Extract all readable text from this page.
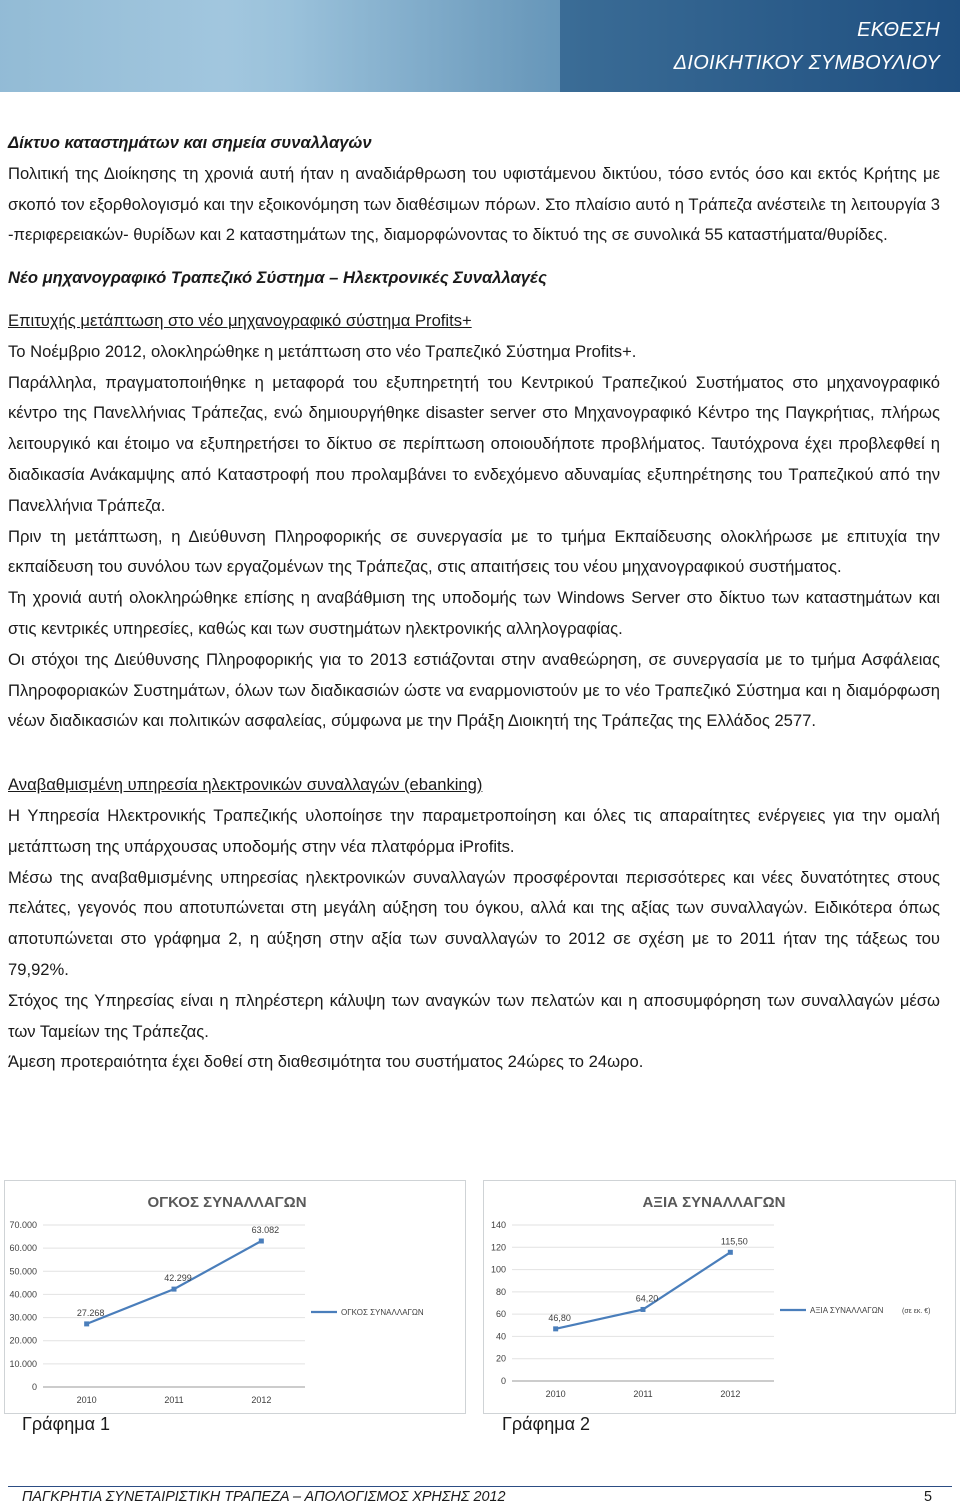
ΕΚΘΕΣΗ
ΔΙΟΙΚΗΤΙΚΟΥ ΣΥΜΒΟΥΛΙΟΥ

Δίκτυο καταστημάτων και σημεία συναλλαγών

Πολιτική της Διοίκησης τη χρονιά αυτή ήταν η αναδιάρθρωση του υφιστάμενου δικτύου, τόσο εντός όσο και εκτός Κρήτης με σκοπό τον εξορθολογισμό και την εξοικονόμηση των διαθέσιμων πόρων. Στο πλαίσιο αυτό η Τράπεζα ανέστειλε τη λειτουργία 3 -περιφερειακών- θυρίδων και 2 καταστημάτων της, διαμορφώνοντας το δίκτυό της σε συνολικά 55 καταστήματα/θυρίδες.

Νέο μηχανογραφικό Τραπεζικό Σύστημα – Ηλεκτρονικές Συναλλαγές

Επιτυχής μετάπτωση στο νέο μηχανογραφικό σύστημα Profits+

Το Νοέμβριο 2012, ολοκληρώθηκε η μετάπτωση στο νέο Τραπεζικό Σύστημα Profits+.

Παράλληλα, πραγματοποιήθηκε η μεταφορά του εξυπηρετητή του Κεντρικού Τραπεζικού Συστήματος στο μηχανογραφικό κέντρο της Πανελλήνιας Τράπεζας, ενώ δημιουργήθηκε disaster server στο Μηχανογραφικό Κέντρο της Παγκρήτιας, πλήρως λειτουργικό και έτοιμο να εξυπηρετήσει το δίκτυο σε περίπτωση οποιουδήποτε προβλήματος. Ταυτόχρονα έχει προβλεφθεί η διαδικασία Ανάκαμψης από Καταστροφή που προλαμβάνει το ενδεχόμενο αδυναμίας εξυπηρέτησης του Τραπεζικού από την Πανελλήνια Τράπεζα.

Πριν τη μετάπτωση, η Διεύθυνση Πληροφορικής σε συνεργασία με το τμήμα Εκπαίδευσης ολοκλήρωσε με επιτυχία την εκπαίδευση του συνόλου των εργαζομένων της Τράπεζας, στις απαιτήσεις του νέου μηχανογραφικού συστήματος.

Τη χρονιά αυτή ολοκληρώθηκε επίσης η αναβάθμιση της υποδομής των Windows Server στο δίκτυο των καταστημάτων και στις κεντρικές υπηρεσίες, καθώς και των συστημάτων ηλεκτρονικής αλληλογραφίας.

Οι στόχοι της Διεύθυνσης Πληροφορικής για το 2013 εστιάζονται στην αναθεώρηση, σε συνεργασία με το τμήμα Ασφάλειας Πληροφοριακών Συστημάτων, όλων των διαδικασιών ώστε να εναρμονιστούν με το νέο Τραπεζικό Σύστημα και η διαμόρφωση νέων διαδικασιών και πολιτικών ασφαλείας, σύμφωνα με την Πράξη Διοικητή της Τράπεζας της Ελλάδος 2577.

Αναβαθμισμένη υπηρεσία ηλεκτρονικών συναλλαγών (ebanking)

Η Υπηρεσία Ηλεκτρονικής Τραπεζικής υλοποίησε την παραμετροποίηση και όλες τις απαραίτητες ενέργειες για την ομαλή μετάπτωση της υπάρχουσας υποδομής στην νέα πλατφόρμα iProfits.

Μέσω της αναβαθμισμένης υπηρεσίας ηλεκτρονικών συναλλαγών προσφέρονται περισσότερες και νέες δυνατότητες στους πελάτες, γεγονός που αποτυπώνεται στη μεγάλη αύξηση του όγκου, αλλά και της αξίας των συναλλαγών. Ειδικότερα όπως αποτυπώνεται στο γράφημα 2, η αύξηση στην αξία των συναλλαγών το 2012 σε σχέση με το 2011 ήταν της τάξεως του 79,92%.

Στόχος της Υπηρεσίας είναι η πληρέστερη κάλυψη των αναγκών των πελατών και η απoσυμφόρηση των συναλλαγών μέσω των Ταμείων της Τράπεζας.

Άμεση προτεραιότητα έχει δοθεί στη διαθεσιμότητα του συστήματος 24ώρες το 24ωρο.

ΟΓΚΟΣ ΣΥΝΑΛΛΑΓΩΝ
0
10.000
20.000
30.000
40.000
50.000
60.000
70.000
2010	2011	2012
27.268
42.299
63.082
ΟΓΚΟΣ ΣΥΝΑΛΛΑΓΩΝ
ΑΞΙΑ ΣΥΝΑΛΛΑΓΩΝ
0
20
40
60
80
100
120
140
2010	2011	2012
46,80
64,20
115,50
ΑΞΙΑ ΣΥΝΑΛΛΑΓΩΝ	(σε εκ. €)
Γράφημα 1	Γράφημα 2
ΠΑΓΚΡΗΤΙΑ ΣΥΝΕΤΑΙΡΙΣΤΙΚΗ ΤΡΑΠΕΖΑ – ΑΠΟΛΟΓΙΣΜΟΣ ΧΡΗΣΗΣ 2012	5
